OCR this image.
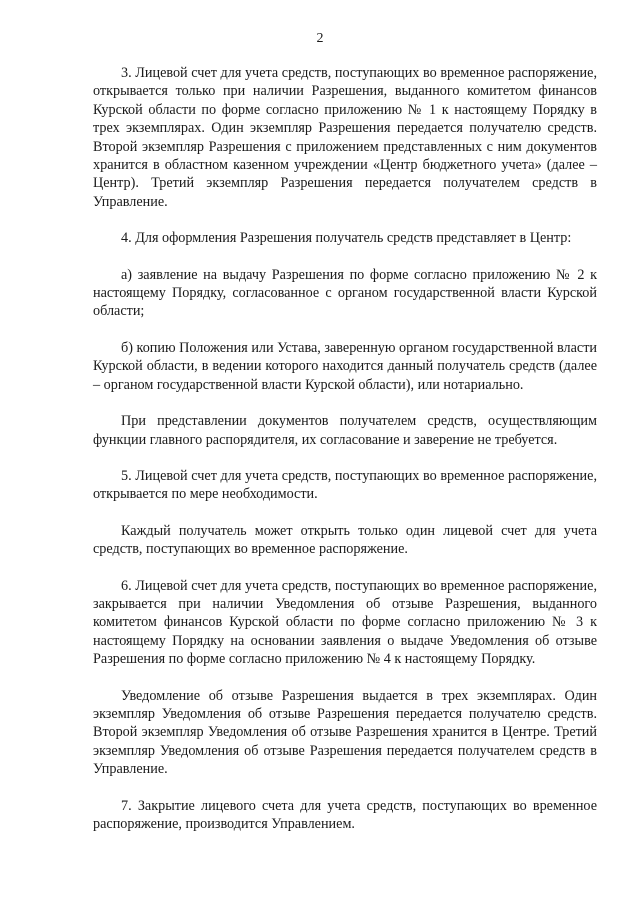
2

3. Лицевой счет для учета средств, поступающих во временное распоряжение, открывается только при наличии Разрешения, выданного комитетом финансов Курской области по форме согласно приложению № 1 к настоящему Порядку в трех экземплярах. Один экземпляр Разрешения передается получателю средств. Второй экземпляр Разрешения с приложением представленных с ним документов хранится в областном казенном учреждении «Центр бюджетного учета» (далее – Центр). Третий экземпляр Разрешения передается получателем средств в Управление.

4. Для оформления Разрешения получатель средств представляет в Центр:

а) заявление на выдачу Разрешения по форме согласно приложению № 2 к настоящему Порядку, согласованное с органом государственной власти Курской области;

б) копию Положения или Устава, заверенную органом государственной власти Курской области, в ведении которого находится данный получатель средств (далее – органом государственной власти Курской области), или нотариально.

При представлении документов получателем средств, осуществляющим функции главного распорядителя, их согласование и заверение не требуется.

5. Лицевой счет для учета средств, поступающих во временное распоряжение, открывается по мере необходимости.

Каждый получатель может открыть только один лицевой счет для учета средств, поступающих во временное распоряжение.

6. Лицевой счет для учета средств, поступающих во временное распоряжение, закрывается при наличии Уведомления об отзыве Разрешения, выданного комитетом финансов Курской области по форме согласно приложению № 3 к настоящему Порядку на основании заявления о выдаче Уведомления об отзыве Разрешения по форме согласно приложению № 4 к настоящему Порядку.

Уведомление об отзыве Разрешения выдается в трех экземплярах. Один экземпляр Уведомления об отзыве Разрешения передается получателю средств. Второй экземпляр Уведомления об отзыве Разрешения хранится в Центре. Третий экземпляр Уведомления об отзыве Разрешения передается получателем средств в Управление.

7. Закрытие лицевого счета для учета средств, поступающих во временное распоряжение, производится Управлением.
